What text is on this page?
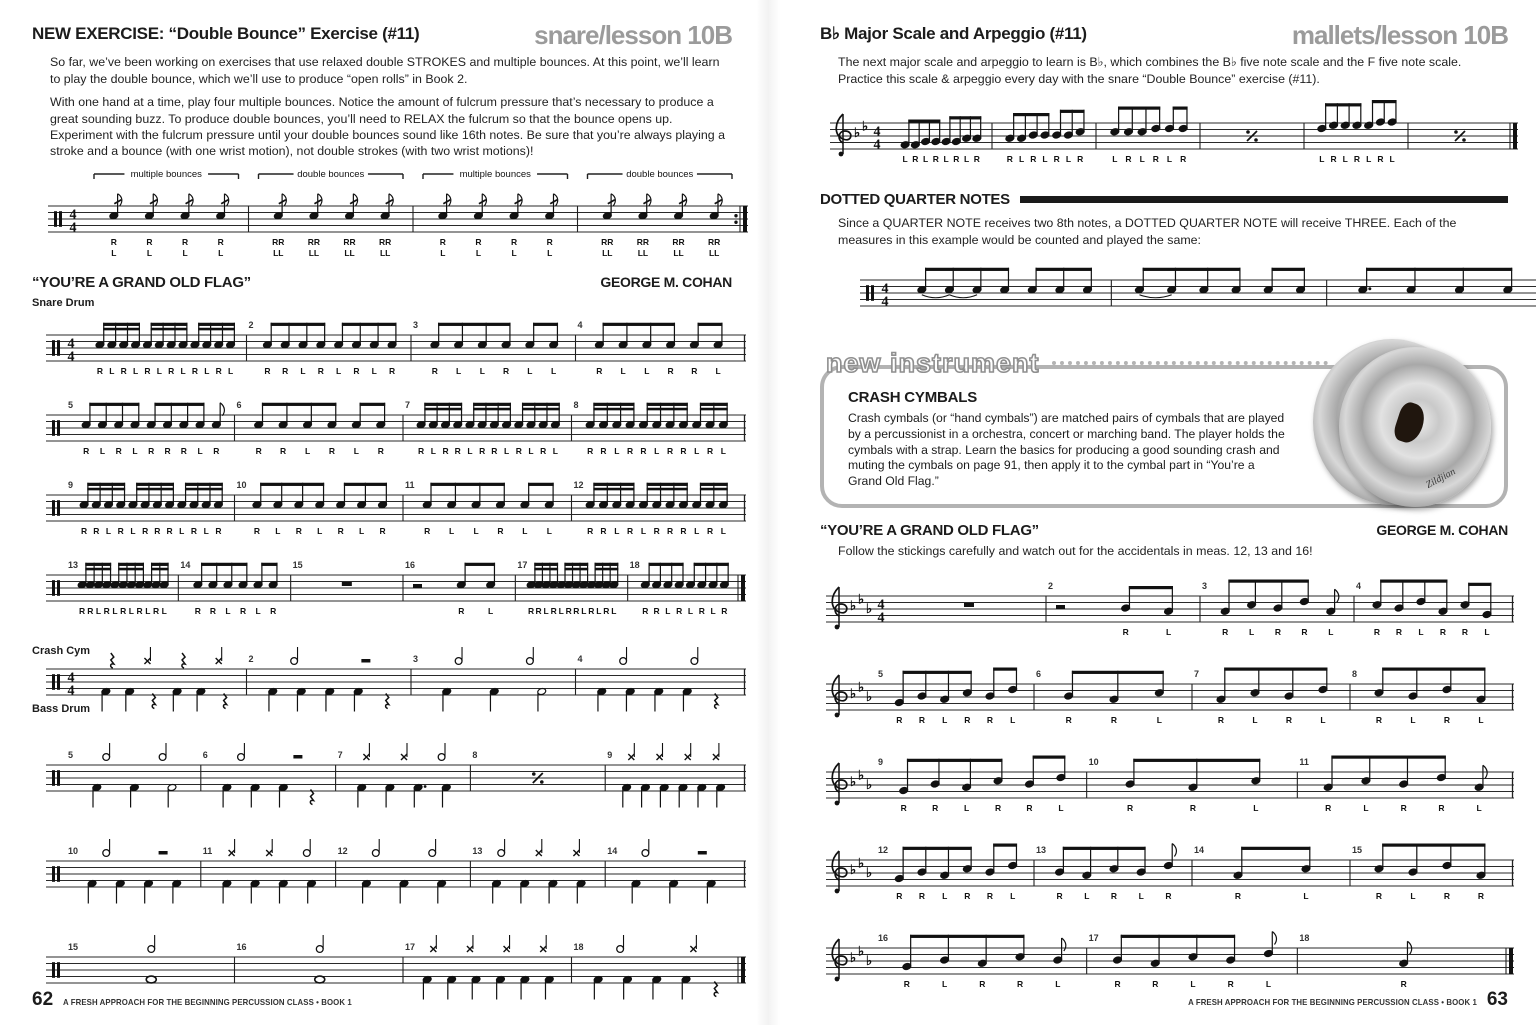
NEW EXERCISE: “Double Bounce” Exercise (#11)	snare/lesson 10B

So far, we’ve been working on exercises that use relaxed double STROKES and multiple bounces. At this point, we’ll learn to play the double bounce, which we’ll use to produce “open rolls” in Book 2.

With one hand at a time, play four multiple bounces. Notice the amount of fulcrum pressure that’s necessary to produce a great sounding buzz. To produce double bounces, you’ll need to RELAX the fulcrum so that the bounce opens up. Experiment with the fulcrum pressure until your double bounces sound like 16th notes. Be sure that you’re always playing a stroke and a bounce (with one wrist motion), not double strokes (with two wrist motions)!

4
4
multiple bounces
R
L
R
L
R
L
R
L
double bounces
RR
LL
RR
LL
RR
LL
RR
LL
multiple bounces
R
L
R
L
R
L
R
L
double bounces
RR
LL
RR
LL
RR
LL
RR
LL
“YOU’RE A GRAND OLD FLAG”	GEORGE M. COHAN
Snare Drum
4
4
R L R L R L R L R L R L
2
R R L R L R L R
3
R L L R L L
4
R L L R R L
5
R L R L R R R L R
6
R R L R L R
7
R L R R L R R L R L R L
8
R R L R R L R R L R L
9
R R L R L R R R L R L R
10
R L R L R L R
11
R L L R L L
12
R R L R L R R R L R L
13
R R L R L R L R L R L
14
R R L R L R
15	16
R	L
17
R R L R L R R L R L R L
18
R R L R L R L R
Crash Cym
Bass Drum
4
4
2	3	4
5	6	7	8	9
10	11	12	13	14
15	16	17	18
62 A FRESH APPROACH FOR THE BEGINNING PERCUSSION CLASS • BOOK 1
B♭ Major Scale and Arpeggio (#11)	mallets/lesson 10B

The next major scale and arpeggio to learn is B♭, which combines the B♭ five note scale and the F five note scale. Practice this scale & arpeggio every day with the snare “Double Bounce” exercise (#11).

♭ ♭ 4
4
L R L R L R L R	R L R L R L R	L R L R L R	L R L R L R L
DOTTED QUARTER NOTES

Since a QUARTER NOTE receives two 8th notes, a DOTTED QUARTER NOTE will receive THREE. Each of the measures in this example would be counted and played the same:

4
4
new instrument
CRASH CYMBALS

Crash cymbals (or “hand cymbals”) are matched pairs of cymbals that are played by a percussionist in a orchestra, concert or marching band. The player holds the cymbals with a strap. Learn the basics for producing a good sounding crash and muting the cymbals on page 91, then apply it to the cymbal part in “You’re a Grand Old Flag.”	Zildjian
“YOU’RE A GRAND OLD FLAG”	GEORGE M. COHAN

Follow the stickings carefully and watch out for the accidentals in meas. 12, 13 and 16!

♭ ♭
♭ 4
4
2
R	L
3
R L R R L
4
R R L R R L
♭ ♭
♭
5
R R L R R L
6
R	R	L
7
R	L	R	L
8
R	L	R	L
♭ ♭
♭
9
R	R	L	R	R	L
10
R	R	L
11
R	L	R	R	L
♭ ♭
♭
12
R R L R R L
13
R	L	R	L	R
14
R	L
15
R	L	R	R
♭ ♭
♭
16
R	L	R	R	L
17
R	R	L	R	L
18
R
A FRESH APPROACH FOR THE BEGINNING PERCUSSION CLASS • BOOK 1 63
